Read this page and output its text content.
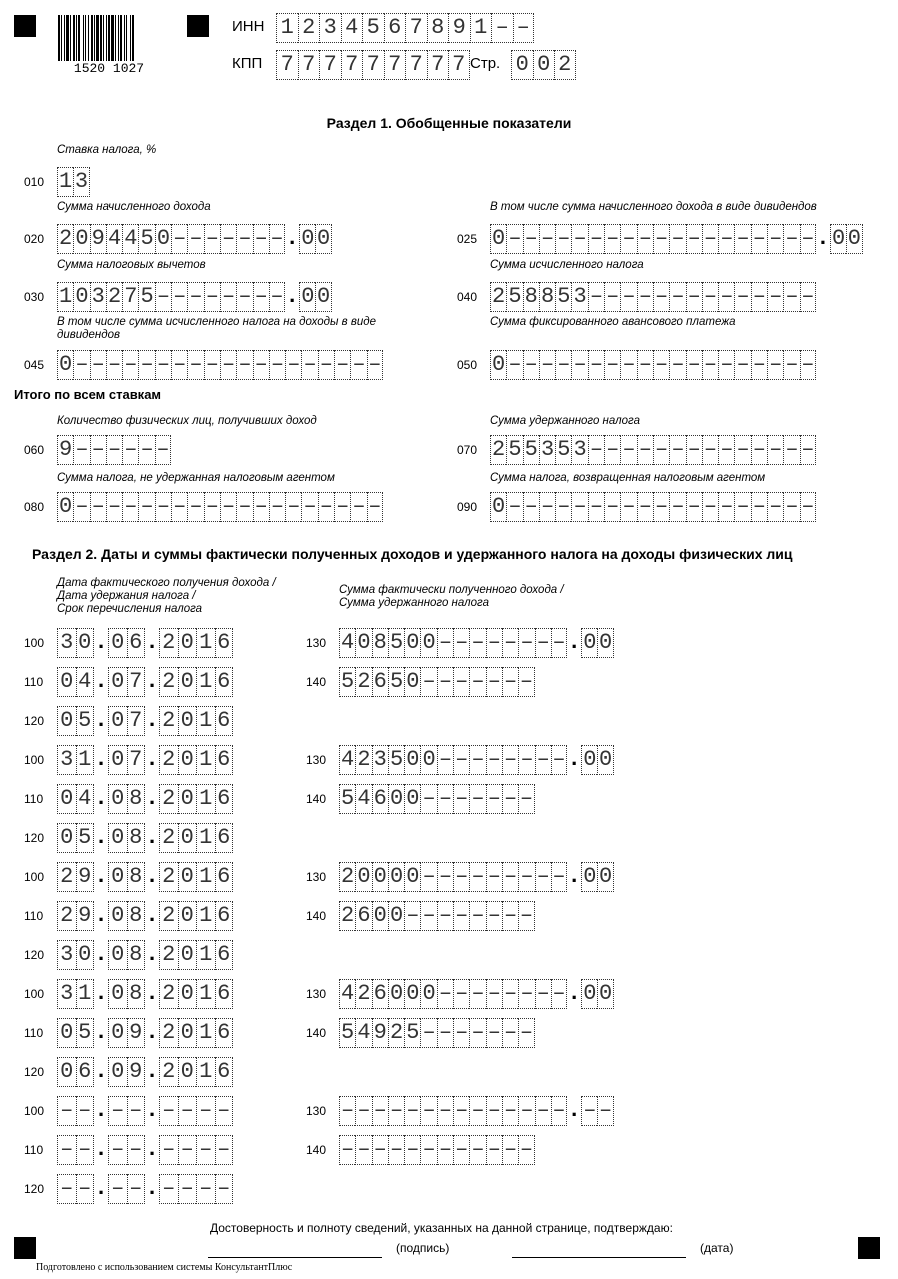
1520 1027
ИНН 1 2 3 4 5 6 7 8 9 1 – –
КПП 7 7 7 7 7 7 7 7 7 Стр. 0 0 2
Раздел 1. Обобщенные показатели
Ставка налога, %
010 1 3
Сумма начисленного дохода
020 2 0 9 4 4 5 0 – – – – – – – . 0 0
В том числе сумма начисленного дохода в виде дивидендов
025 0 – – – – – – – – – – – – – – – – – – – . 0 0
Сумма налоговых вычетов
030 1 0 3 2 7 5 – – – – – – – – . 0 0
Сумма исчисленного налога
040 2 5 8 8 5 3 – – – – – – – – – – – – – –
В том числе сумма исчисленного налога на доходы в виде дивидендов
045 0 – – – – – – – – – – – – – – – – – – –
Сумма фиксированного авансового платежа
050 0 – – – – – – – – – – – – – – – – – – –
Количество физических лиц, получивших доход
060 9 – – – – – –
Сумма удержанного налога
070 2 5 5 3 5 3 – – – – – – – – – – – – – –
Сумма налога, не удержанная налоговым агентом
080 0 – – – – – – – – – – – – – – – – – – –
Сумма налога, возвращенная налоговым агентом
090 0 – – – – – – – – – – – – – – – – – – –
Итого по всем ставкам
Раздел 2. Даты и суммы фактически полученных доходов и удержанного налога на доходы физических лиц
Дата фактического получения дохода /
Дата удержания налога /
Срок перечисления налога
Сумма фактически полученного дохода /
Сумма удержанного налога
100 3 0 . 0 6 . 2 0 1 6
110 0 4 . 0 7 . 2 0 1 6
120 0 5 . 0 7 . 2 0 1 6
130 4 0 8 5 0 0 – – – – – – – – . 0 0
140 5 2 6 5 0 – – – – – – –
100 3 1 . 0 7 . 2 0 1 6
110 0 4 . 0 8 . 2 0 1 6
120 0 5 . 0 8 . 2 0 1 6
130 4 2 3 5 0 0 – – – – – – – – . 0 0
140 5 4 6 0 0 – – – – – – –
100 2 9 . 0 8 . 2 0 1 6
110 2 9 . 0 8 . 2 0 1 6
120 3 0 . 0 8 . 2 0 1 6
130 2 0 0 0 0 – – – – – – – – – . 0 0
140 2 6 0 0 – – – – – – – –
100 3 1 . 0 8 . 2 0 1 6
110 0 5 . 0 9 . 2 0 1 6
120 0 6 . 0 9 . 2 0 1 6
130 4 2 6 0 0 0 – – – – – – – – . 0 0
140 5 4 9 2 5 – – – – – – –
100 – – . – – . – – – –
110 – – . – – . – – – –
120 – – . – – . – – – –
130 – – – – – – – – – – – – – – . – –
140 – – – – – – – – – – – –
Достоверность и полноту сведений, указанных на данной странице, подтверждаю:
(подпись)	(дата)
Подготовлено с использованием системы КонсультантПлюс
